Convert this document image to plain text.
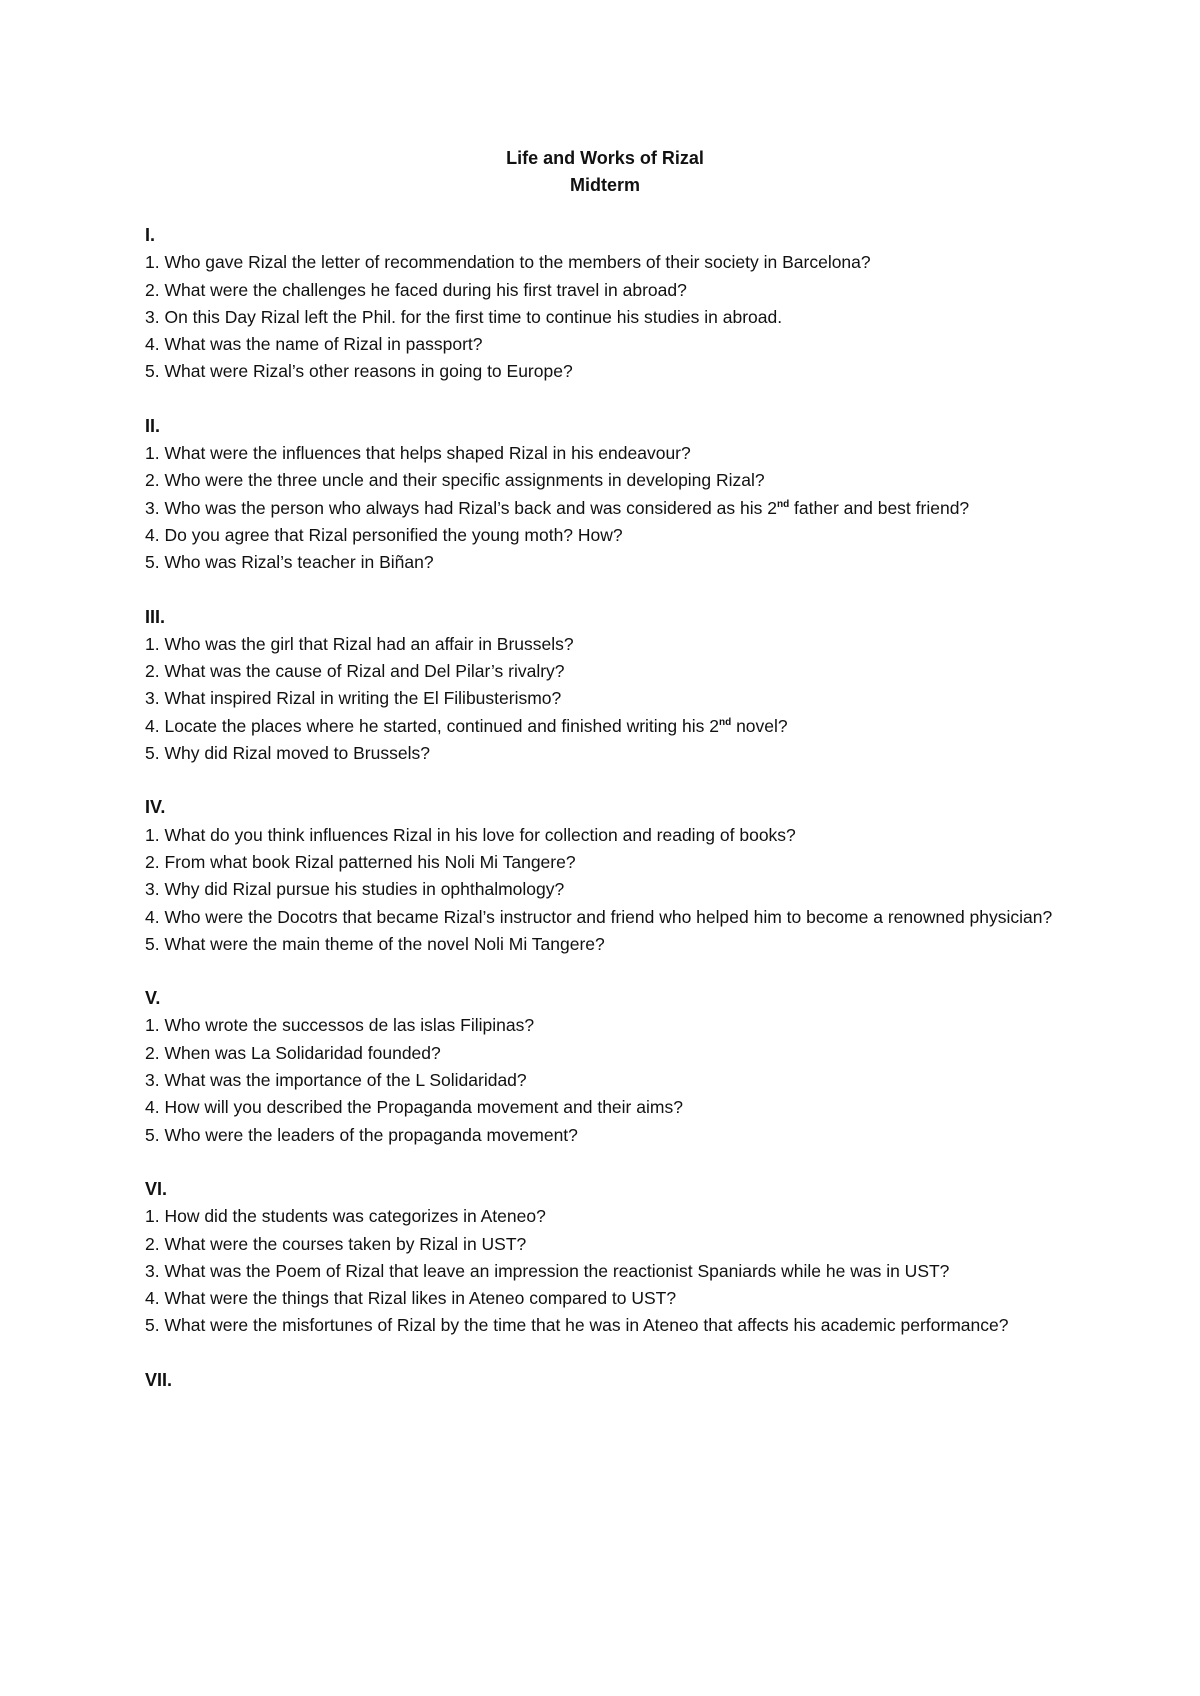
Life and Works of Rizal

Midterm

I.

1. Who gave Rizal the letter of recommendation to the members of their society in Barcelona?

2. What were the challenges he faced during his first travel in abroad?

3. On this Day Rizal left the Phil. for the first time to continue his studies in abroad.

4. What was the name of Rizal in passport?

5. What were Rizal’s other reasons in going to Europe?

II.

1. What were the influences that helps shaped Rizal in his endeavour?

2. Who were the three uncle and their specific assignments in developing Rizal?

3. Who was the person who always had Rizal’s back and was considered as his 2nd father and best friend?

4. Do you agree that Rizal personified the young moth? How?

5. Who was Rizal’s teacher in Biñan?

III.

1. Who was the girl that Rizal had an affair in Brussels?

2. What was the cause of Rizal and Del Pilar’s rivalry?

3. What inspired Rizal in writing the El Filibusterismo?

4. Locate the places where he started, continued and finished writing his 2nd novel?

5. Why did Rizal moved to Brussels?

IV.

1. What do you think influences Rizal in his love for collection and reading of books?

2. From what book Rizal patterned his Noli Mi Tangere?

3. Why did Rizal pursue his studies in ophthalmology?

4. Who were the Docotrs that became Rizal’s instructor and friend who helped him to become a renowned physician?

5. What were the main theme of the novel Noli Mi Tangere?

V.

1. Who wrote the successos de las islas Filipinas?

2. When was La Solidaridad founded?

3. What was the importance of the L Solidaridad?

4. How will you described the Propaganda movement and their aims?

5. Who were the leaders of the propaganda movement?

VI.

1. How did the students was categorizes in Ateneo?

2. What were the courses taken by Rizal in UST?

3. What was the Poem of Rizal that leave an impression the reactionist Spaniards while he was in UST?

4. What were the things that Rizal likes in Ateneo compared to UST?

5. What were the misfortunes of Rizal by the time that he was in Ateneo that affects his academic performance?

VII.
